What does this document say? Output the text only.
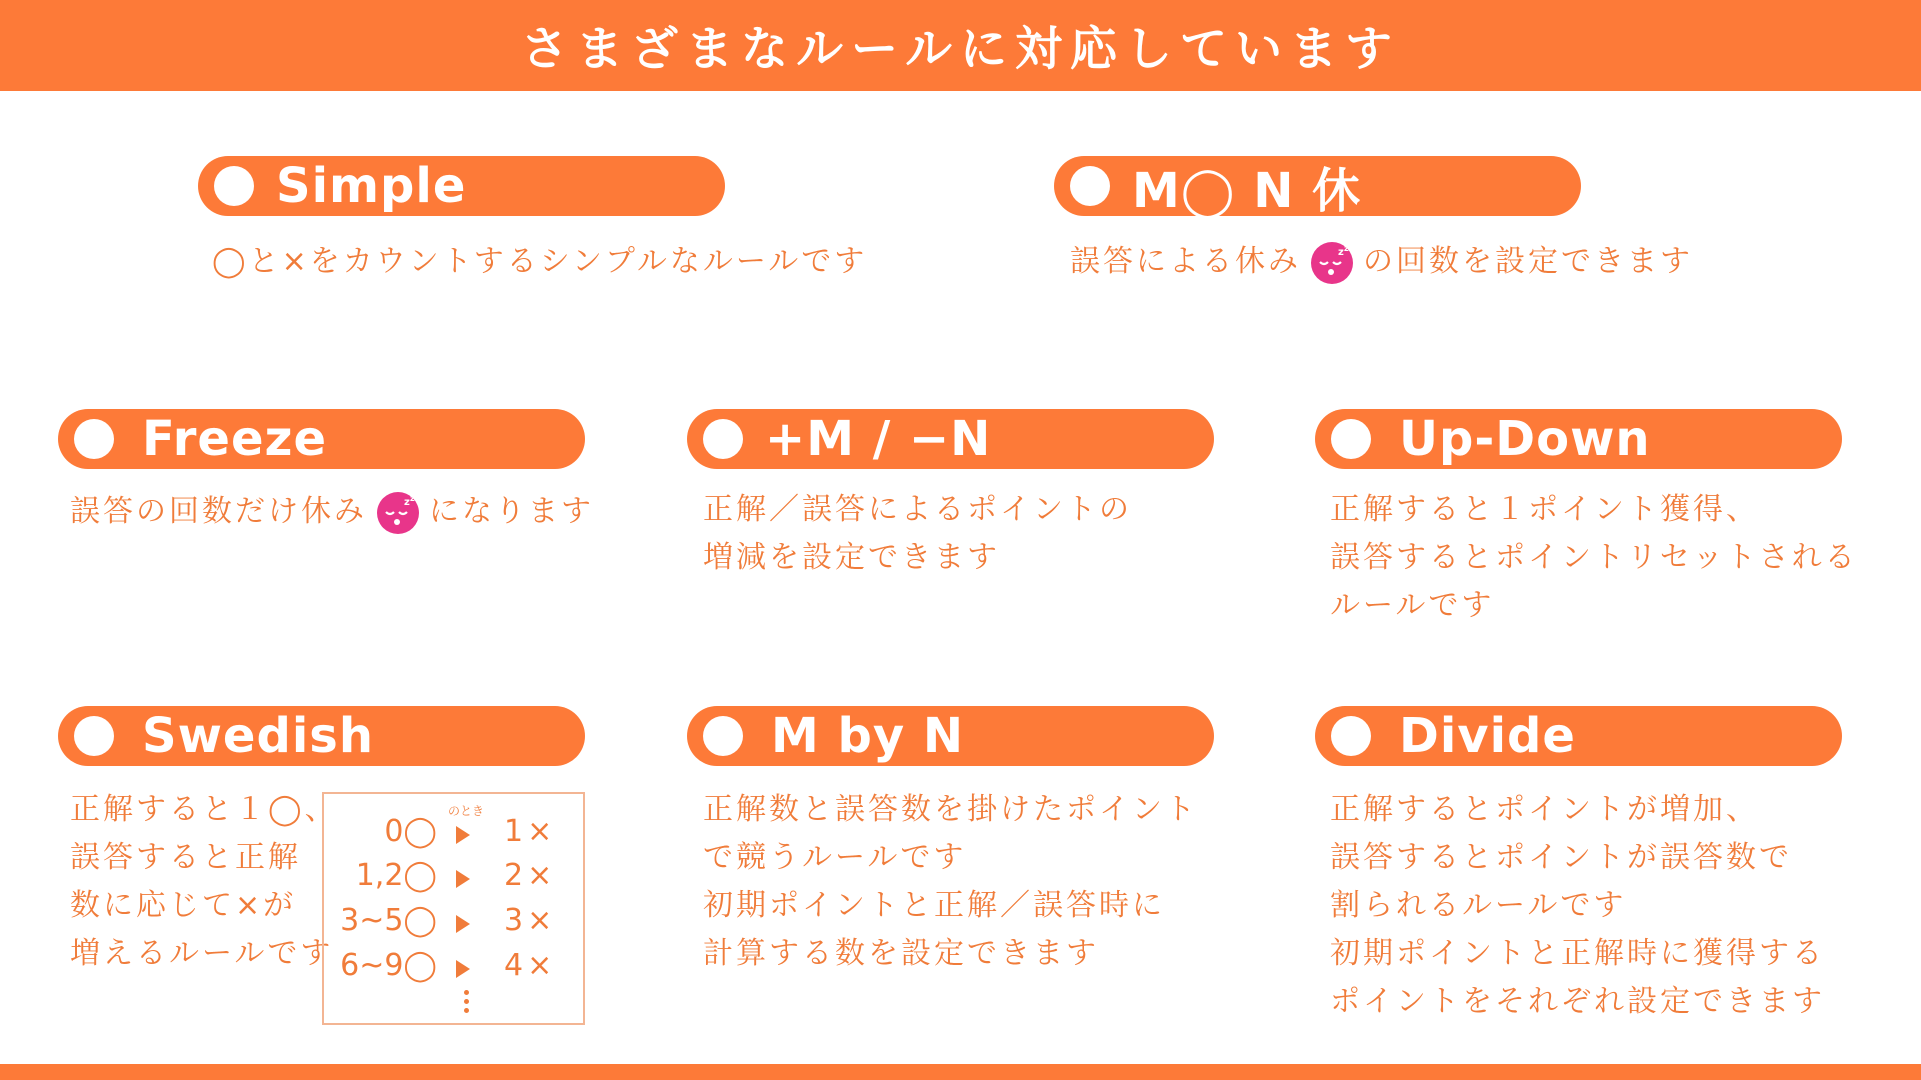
さまざまなルールに対応しています
Simple
◯と×をカウントするシンプルなルールです
M◯ N 休
誤答による休み	z
z の回数を設定できます
Freeze
誤答の回数だけ休み	z
z になります
+M / −N
正解／誤答によるポイントの
増減を設定できます
Up-Down
正解すると１ポイント獲得、
誤答するとポイントリセットされる
ルールです
Swedish
正解すると１◯、
誤答すると正解
数に応じて×が
増えるルールです
のとき
0◯ 1×
1,2◯ 2×
3~5◯ 3×
6~9◯ 4×
M by N
正解数と誤答数を掛けたポイント
で競うルールです
初期ポイントと正解／誤答時に
計算する数を設定できます
Divide
正解するとポイントが増加、
誤答するとポイントが誤答数で
割られるルールです
初期ポイントと正解時に獲得する
ポイントをそれぞれ設定できます
